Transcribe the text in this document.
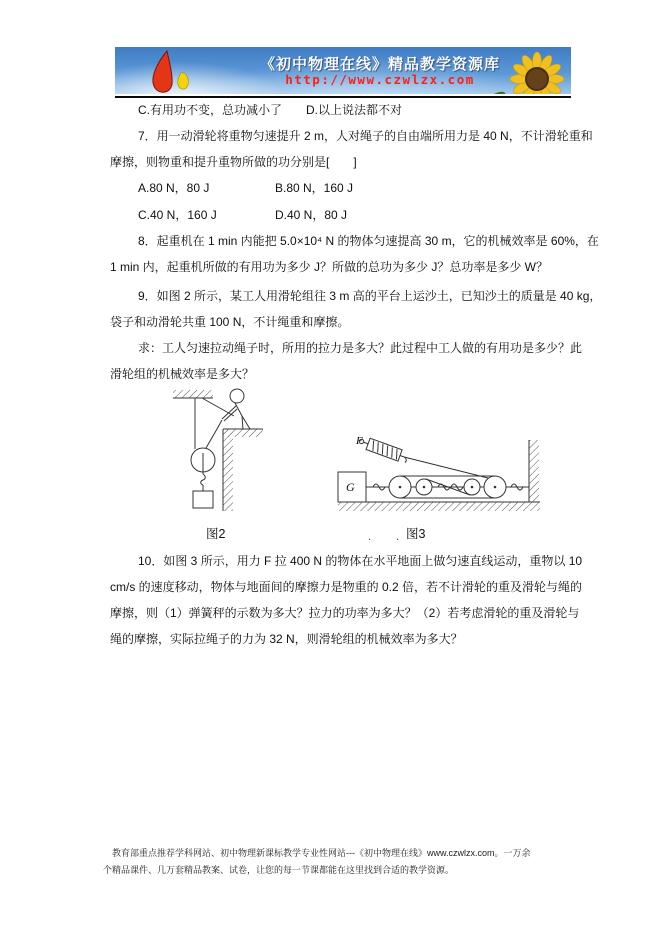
《初中物理在线》精品教学资源库
http://www.czwlzx.com
C.有用功不变，总功减小了　　D.以上说法都不对
7．用一动滑轮将重物匀速提升 2 m，人对绳子的自由端所用力是 40 N，不计滑轮重和
摩擦，则物重和提升重物所做的功分别是[　　]
A.80 N，80 J	B.80 N，160 J
C.40 N，160 J	D.40 N，80 J
8．起重机在 1 min 内能把 5.0×10⁴ N 的物体匀速提高 30 m，它的机械效率是 60%，在
1 min 内，起重机所做的有用功为多少 J？所做的总功为多少 J？总功率是多少 W？
9．如图 2 所示，某工人用滑轮组往 3 m 高的平台上运沙土，已知沙土的质量是 40 kg，
袋子和动滑轮共重 100 N，不计绳重和摩擦。
求：工人匀速拉动绳子时，所用的拉力是多大？此过程中工人做的有用功是多少？此
滑轮组的机械效率是多大？
F
G
图2	． ． 图3
10．如图 3 所示，用力 F 拉 400 N 的物体在水平地面上做匀速直线运动，重物以 10
cm/s 的速度移动，物体与地面间的摩擦力是物重的 0.2 倍，若不计滑轮的重及滑轮与绳的
摩擦，则（1）弹簧秤的示数为多大？拉力的功率为多大？（2）若考虑滑轮的重及滑轮与
绳的摩擦，实际拉绳子的力为 32 N，则滑轮组的机械效率为多大？
教育部重点推荐学科网站、初中物理新课标教学专业性网站---《初中物理在线》www.czwlzx.com。一万余
个精品课件、几万套精品教案、试卷，让您的每一节课都能在这里找到合适的教学资源。
